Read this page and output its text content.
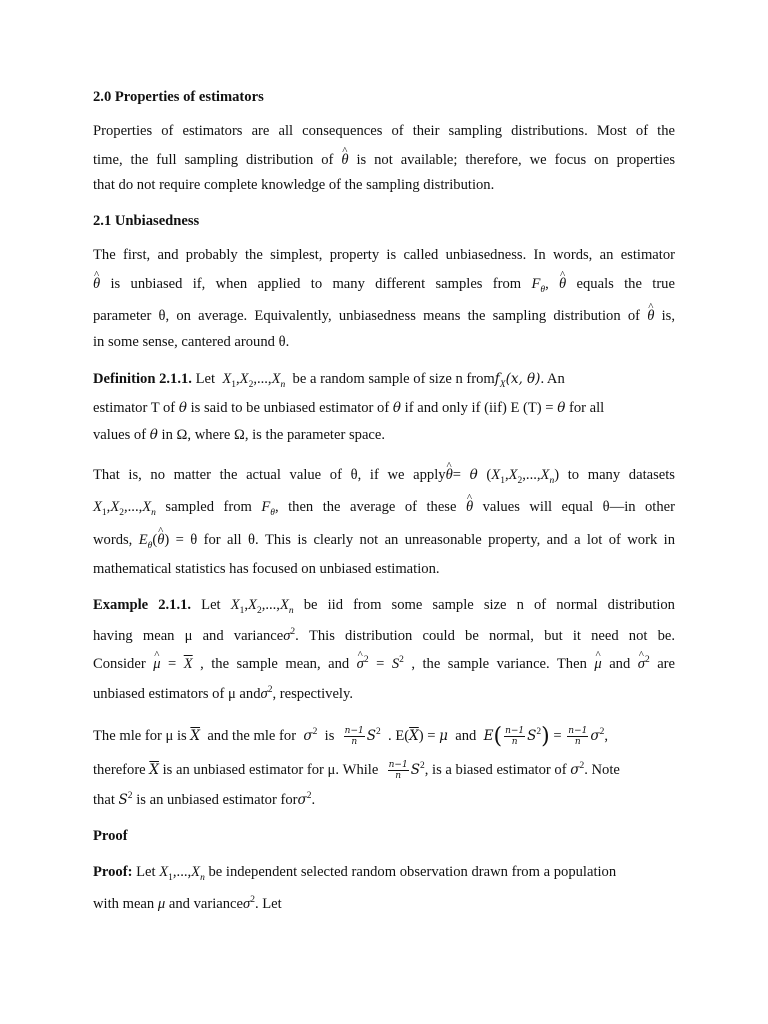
2.0 Properties of estimators
Properties of estimators are all consequences of their sampling distributions. Most of the
time, the full sampling distribution of ^ θ is not available; therefore, we focus on properties
that do not require complete knowledge of the sampling distribution.
2.1 Unbiasedness
The first, and probably the simplest, property is called unbiasedness. In words, an estimator
^ θ is unbiased if, when applied to many different samples from $F_\theta$, ^ θ equals the true
parameter θ, on average. Equivalently, unbiasedness means the sampling distribution of ^ θ is,
in some sense, cantered around θ.
Definition 2.1.1. Let $X_1,X_2,...,X_n$ be a random sample of size n fromf$_X$(x, θ). An
estimator T of θ is said to be unbiased estimator of θ if and only if (iif) E (T) = θ for all
values of θ in Ω, where Ω, is the parameter space.
That is, no matter the actual value of θ, if we apply^ θ= θ $(X_1,X_2,...,X_n)$ to many datasets
$X_1,X_2,...,X_n$ sampled from $F_\theta$, then the average of these ^ θ values will equal θ—in other
words, $E_\theta(\^{}$ θ) = θ for all θ. This is clearly not an unreasonable property, and a lot of work in
mathematical statistics has focused on unbiased estimation.
Example 2.1.1. Let $X_1,X_2,...,X_n$ be iid from some sample size n of normal distribution
having mean μ and varianceσ$^2$. This distribution could be normal, but it need not be.
Consider ^ $\mu = \overline{X}$ , the sample mean, and ^ $\sigma^2 = S^2$ , the sample variance. Then ^ μ and ^ $\sigma^2$ are
unbiased estimators of μ andσ$^2$, respectively.
The mle for μ is $\overline{X}$ and the mle for $\sigma^2$ is $\frac{n-1}{n} S^2$ . $E(\overline{X}) = \mu$ and $E( \frac{n-1}{n} S^2) = \frac{n-1}{n} \sigma^2$,
therefore $\overline{X}$ is an unbiased estimator for μ. While $\frac{n-1}{n} S^2$, is a biased estimator of $\sigma^2$. Note
that $S^2$ is an unbiased estimator forσ$^2$.
Proof
Proof: Let $X_1,...,X_n$ be independent selected random observation drawn from a population
with mean μ and varianceσ$^2$. Let
